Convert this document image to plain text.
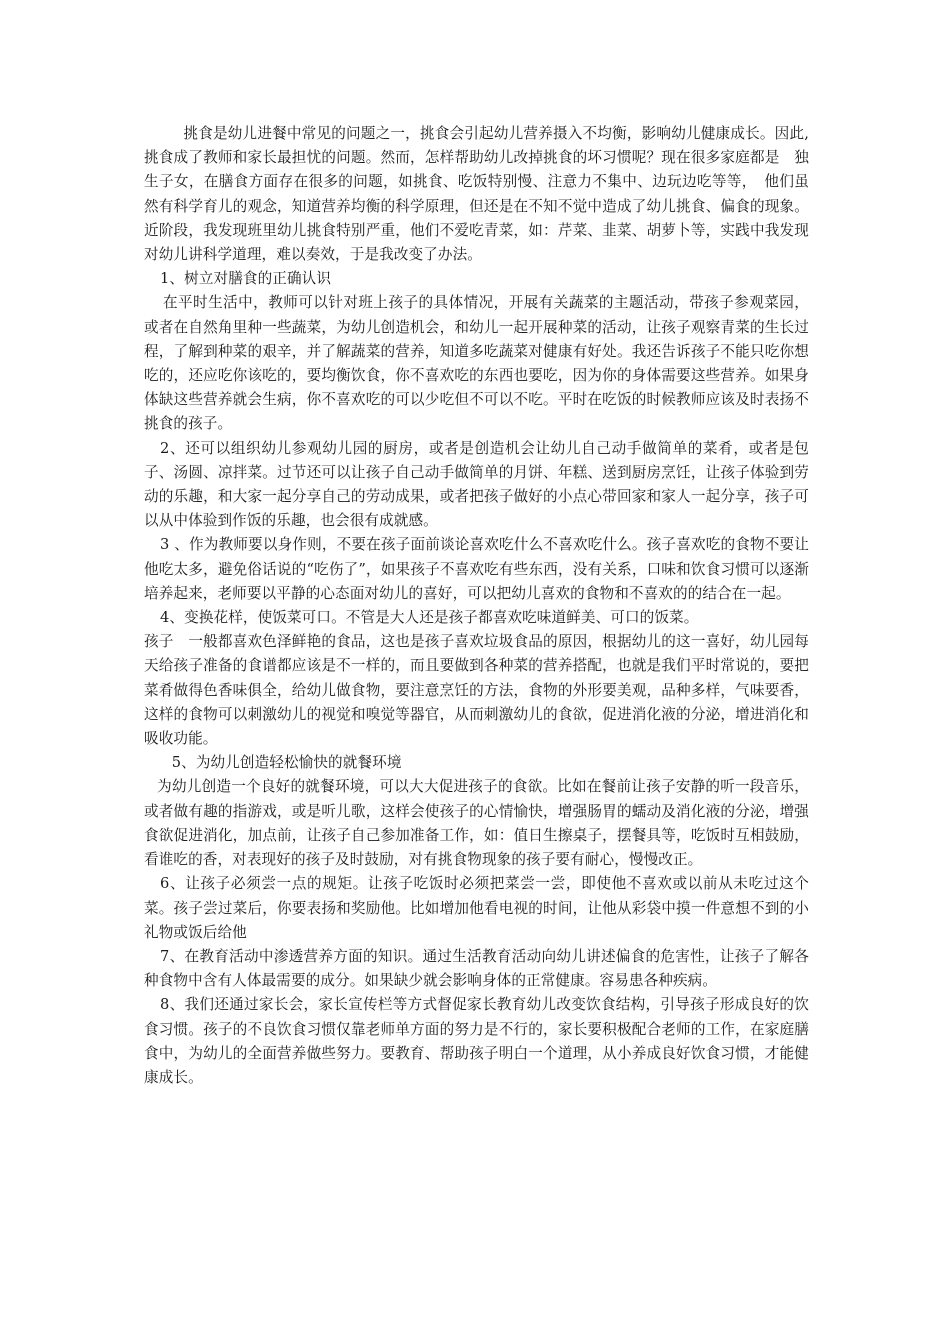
挑食是幼儿进餐中常见的问题之一，挑食会引起幼儿营养摄入不均衡，影响幼儿健康成长。因此,挑食成了教师和家长最担忧的问题。然而，怎样帮助幼儿改掉挑食的坏习惯呢？现在很多家庭都是　独生子女，在膳食方面存在很多的问题，如挑食、吃饭特别慢、注意力不集中、边玩边吃等等，　他们虽然有科学育儿的观念，知道营养均衡的科学原理，但还是在不知不觉中造成了幼儿挑食、偏食的现象。近阶段，我发现班里幼儿挑食特别严重，他们不爱吃青菜，如：芹菜、韭菜、胡萝卜等，实践中我发现对幼儿讲科学道理，难以奏效，于是我改变了办法。

1、树立对膳食的正确认识

在平时生活中，教师可以针对班上孩子的具体情况，开展有关蔬菜的主题活动，带孩子参观菜园，或者在自然角里种一些蔬菜，为幼儿创造机会，和幼儿一起开展种菜的活动，让孩子观察青菜的生长过程，了解到种菜的艰辛，并了解蔬菜的营养，知道多吃蔬菜对健康有好处。我还告诉孩子不能只吃你想吃的，还应吃你该吃的，要均衡饮食，你不喜欢吃的东西也要吃，因为你的身体需要这些营养。如果身体缺这些营养就会生病，你不喜欢吃的可以少吃但不可以不吃。平时在吃饭的时候教师应该及时表扬不挑食的孩子。

2、还可以组织幼儿参观幼儿园的厨房，或者是创造机会让幼儿自己动手做简单的菜肴，或者是包子、汤圆、凉拌菜。过节还可以让孩子自己动手做简单的月饼、年糕、送到厨房烹饪，让孩子体验到劳动的乐趣，和大家一起分享自己的劳动成果，或者把孩子做好的小点心带回家和家人一起分享，孩子可以从中体验到作饭的乐趣，也会很有成就感。

3 、作为教师要以身作则，不要在孩子面前谈论喜欢吃什么不喜欢吃什么。孩子喜欢吃的食物不要让他吃太多，避免俗话说的“吃伤了”，如果孩子不喜欢吃有些东西，没有关系，口味和饮食习惯可以逐渐培养起来，老师要以平静的心态面对幼儿的喜好，可以把幼儿喜欢的食物和不喜欢的的结合在一起。

4、变换花样，使饭菜可口。不管是大人还是孩子都喜欢吃味道鲜美、可口的饭菜。

孩子　一般都喜欢色泽鲜艳的食品，这也是孩子喜欢垃圾食品的原因，根据幼儿的这一喜好，幼儿园每天给孩子准备的食谱都应该是不一样的，而且要做到各种菜的营养搭配，也就是我们平时常说的，要把菜肴做得色香味俱全，给幼儿做食物，要注意烹饪的方法，食物的外形要美观，品种多样，气味要香，这样的食物可以刺激幼儿的视觉和嗅觉等器官，从而刺激幼儿的食欲，促进消化液的分泌，增进消化和吸收功能。

5、为幼儿创造轻松愉快的就餐环境

为幼儿创造一个良好的就餐环境，可以大大促进孩子的食欲。比如在餐前让孩子安静的听一段音乐，或者做有趣的指游戏，或是听儿歌，这样会使孩子的心情愉快，增强肠胃的蠕动及消化液的分泌，增强食欲促进消化，加点前，让孩子自己参加准备工作，如：值日生擦桌子，摆餐具等，吃饭时互相鼓励，看谁吃的香，对表现好的孩子及时鼓励，对有挑食物现象的孩子要有耐心，慢慢改正。

6、让孩子必须尝一点的规矩。让孩子吃饭时必须把菜尝一尝，即使他不喜欢或以前从未吃过这个菜。孩子尝过菜后，你要表扬和奖励他。比如增加他看电视的时间，让他从彩袋中摸一件意想不到的小礼物或饭后给他

7、在教育活动中渗透营养方面的知识。通过生活教育活动向幼儿讲述偏食的危害性，让孩子了解各种食物中含有人体最需要的成分。如果缺少就会影响身体的正常健康。容易患各种疾病。

8、我们还通过家长会，家长宣传栏等方式督促家长教育幼儿改变饮食结构，引导孩子形成良好的饮食习惯。孩子的不良饮食习惯仅靠老师单方面的努力是不行的，家长要积极配合老师的工作，在家庭膳食中，为幼儿的全面营养做些努力。要教育、帮助孩子明白一个道理，从小养成良好饮食习惯，才能健康成长。
